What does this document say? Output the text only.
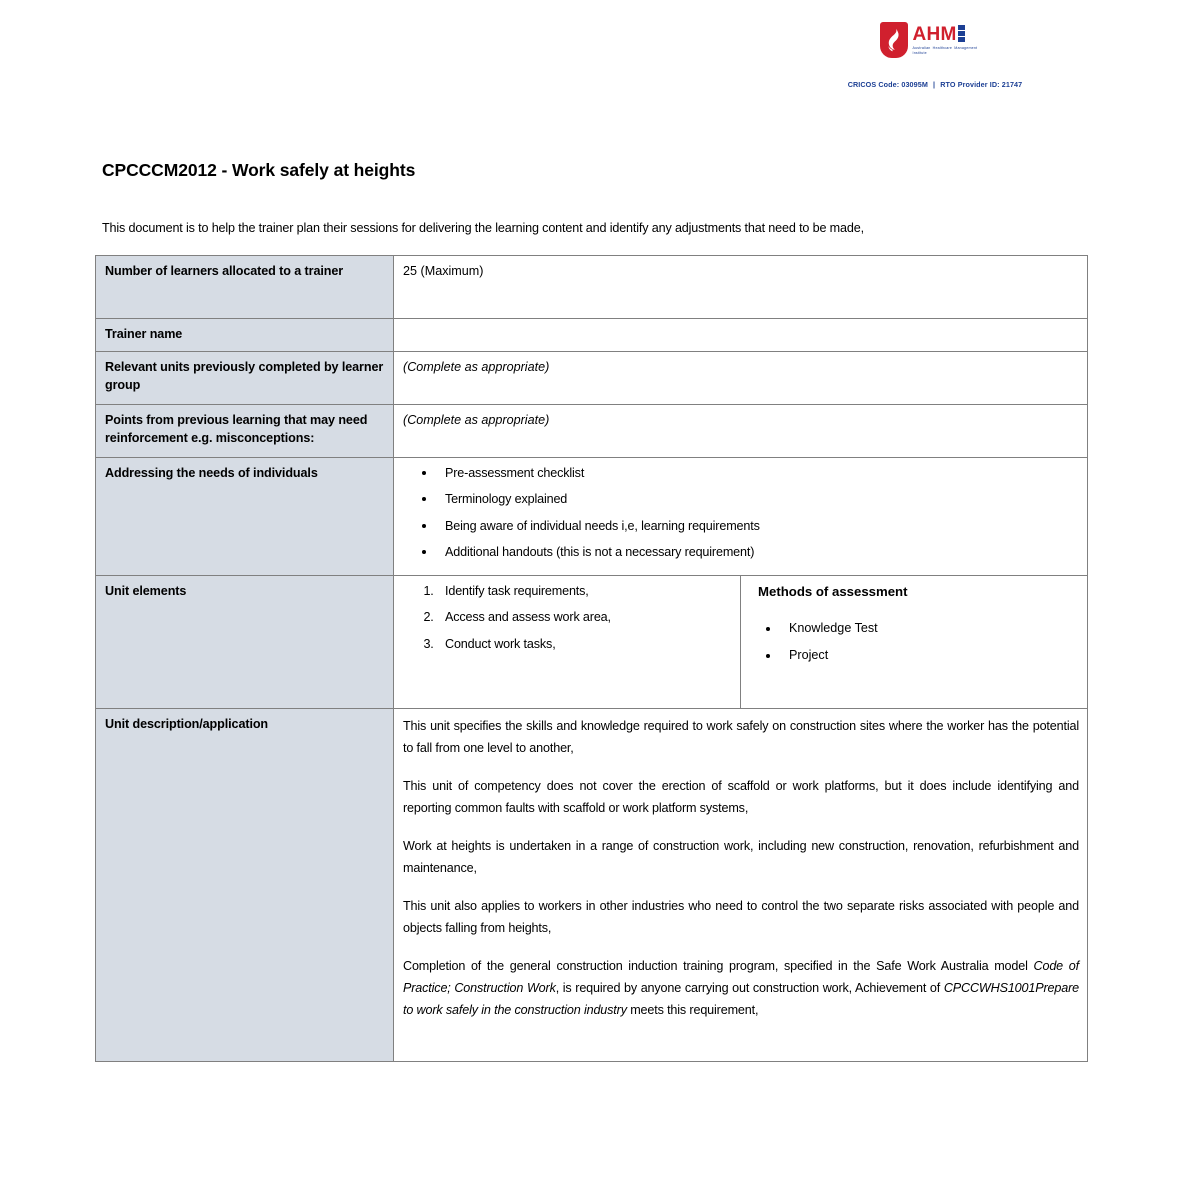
AHM
Australian Healthcare Management Institute
CRICOS Code: 03095M | RTO Provider ID: 21747
CPCCCM2012 - Work safely at heights

This document is to help the trainer plan their sessions for delivering the learning content and identify any adjustments that need to be made,

Number of learners allocated to a trainer	25 (Maximum)	
Trainer name		
Relevant units previously completed by learner group	(Complete as appropriate)	
Points from previous learning that may need reinforcement e.g. misconceptions:	(Complete as appropriate)	
Addressing the needs of individuals	
•Pre-assessment checklist
• Terminology explained
• Being aware of individual needs i,e, learning requirements
• Additional handouts (this is not a necessary requirement)

Unit elements	
1.Identify task requirements,
2. Access and assess work area,
3. Conduct work tasks,

Methods of assessment
• Knowledge Test
• Project

Unit description/application	This unit specifies the skills and knowledge required to work safely on construction sites where the worker has the potential to fall from one level to another,

This unit of competency does not cover the erection of scaffold or work platforms, but it does include identifying and reporting common faults with scaffold or work platform systems,

Work at heights is undertaken in a range of construction work, including new construction, renovation, refurbishment and maintenance,

This unit also applies to workers in other industries who need to control the two separate risks associated with people and objects falling from heights,

Completion of the general construction induction training program, specified in the Safe Work Australia model Code of Practice; Construction Work, is required by anyone carrying out construction work, Achievement of CPCCWHS1001Prepare to work safely in the construction industry meets this requirement,	
